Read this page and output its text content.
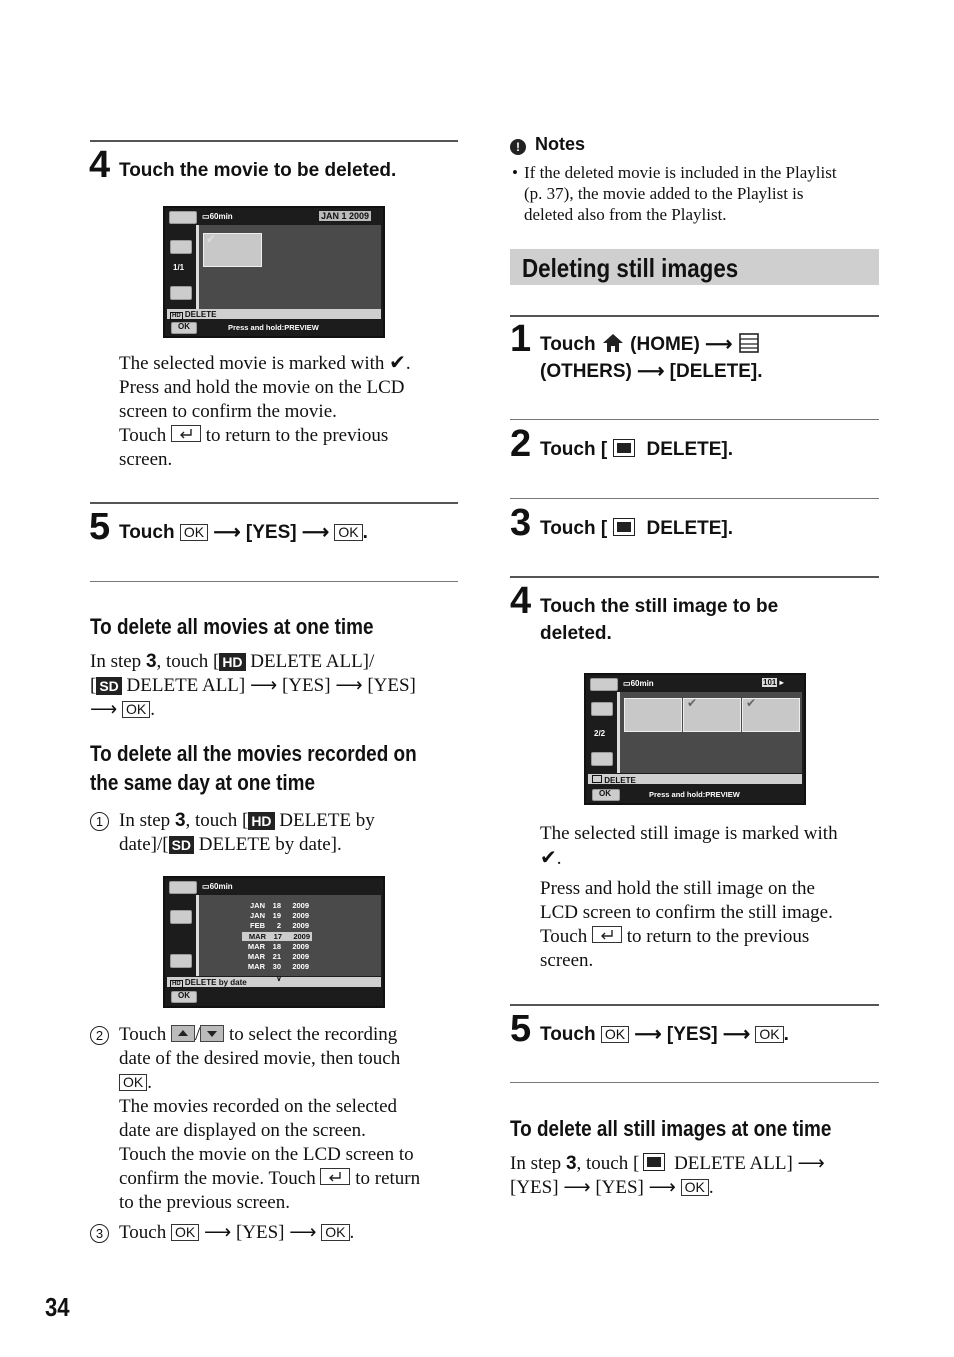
4 Touch the movie to be deleted.
▭60min	JAN 1 2009
1/1
✔
HD DELETE
OK	Press and hold:PREVIEW
The selected movie is marked with ✔.
Press and hold the movie on the LCD
screen to confirm the movie.
Touch to return to the previous
screen.
5 Touch OK ⟶ [YES] ⟶ OK .
To delete all movies at one time
In step 3, touch [ HD DELETE ALL]/
[ SD DELETE ALL] ⟶ [YES] ⟶ [YES]
⟶ OK .
To delete all the movies recorded on
the same day at one time
1 In step 3, touch [ HD DELETE by
date]/[ SD DELETE by date].
▭60min
JAN 18 2009
JAN 19 2009
FEB 2 2009
MAR 17 2009
MAR 18 2009
MAR 21 2009
MAR 30 2009
HD DELETE by date	∨
OK
2 Touch / to select the recording
date of the desired movie, then touch
OK .
The movies recorded on the selected
date are displayed on the screen.
Touch the movie on the LCD screen to
confirm the movie. Touch to return
to the previous screen.
3 Touch OK ⟶ [YES] ⟶ OK .
34
! Notes
• If the deleted movie is included in the Playlist
(p. 37), the movie added to the Playlist is
deleted also from the Playlist.
Deleting still images
1 Touch (HOME) ⟶
(OTHERS) ⟶ [DELETE].
2 Touch [ DELETE].
3 Touch [ DELETE].
4 Touch the still image to be
deleted.
▭60min	101 ▸
2/2
✔	✔
DELETE
OK	Press and hold:PREVIEW
The selected still image is marked with
✔.
Press and hold the still image on the
LCD screen to confirm the still image.
Touch to return to the previous
screen.
5 Touch OK ⟶ [YES] ⟶ OK .
To delete all still images at one time
In step 3, touch [ DELETE ALL] ⟶
[YES] ⟶ [YES] ⟶ OK .
